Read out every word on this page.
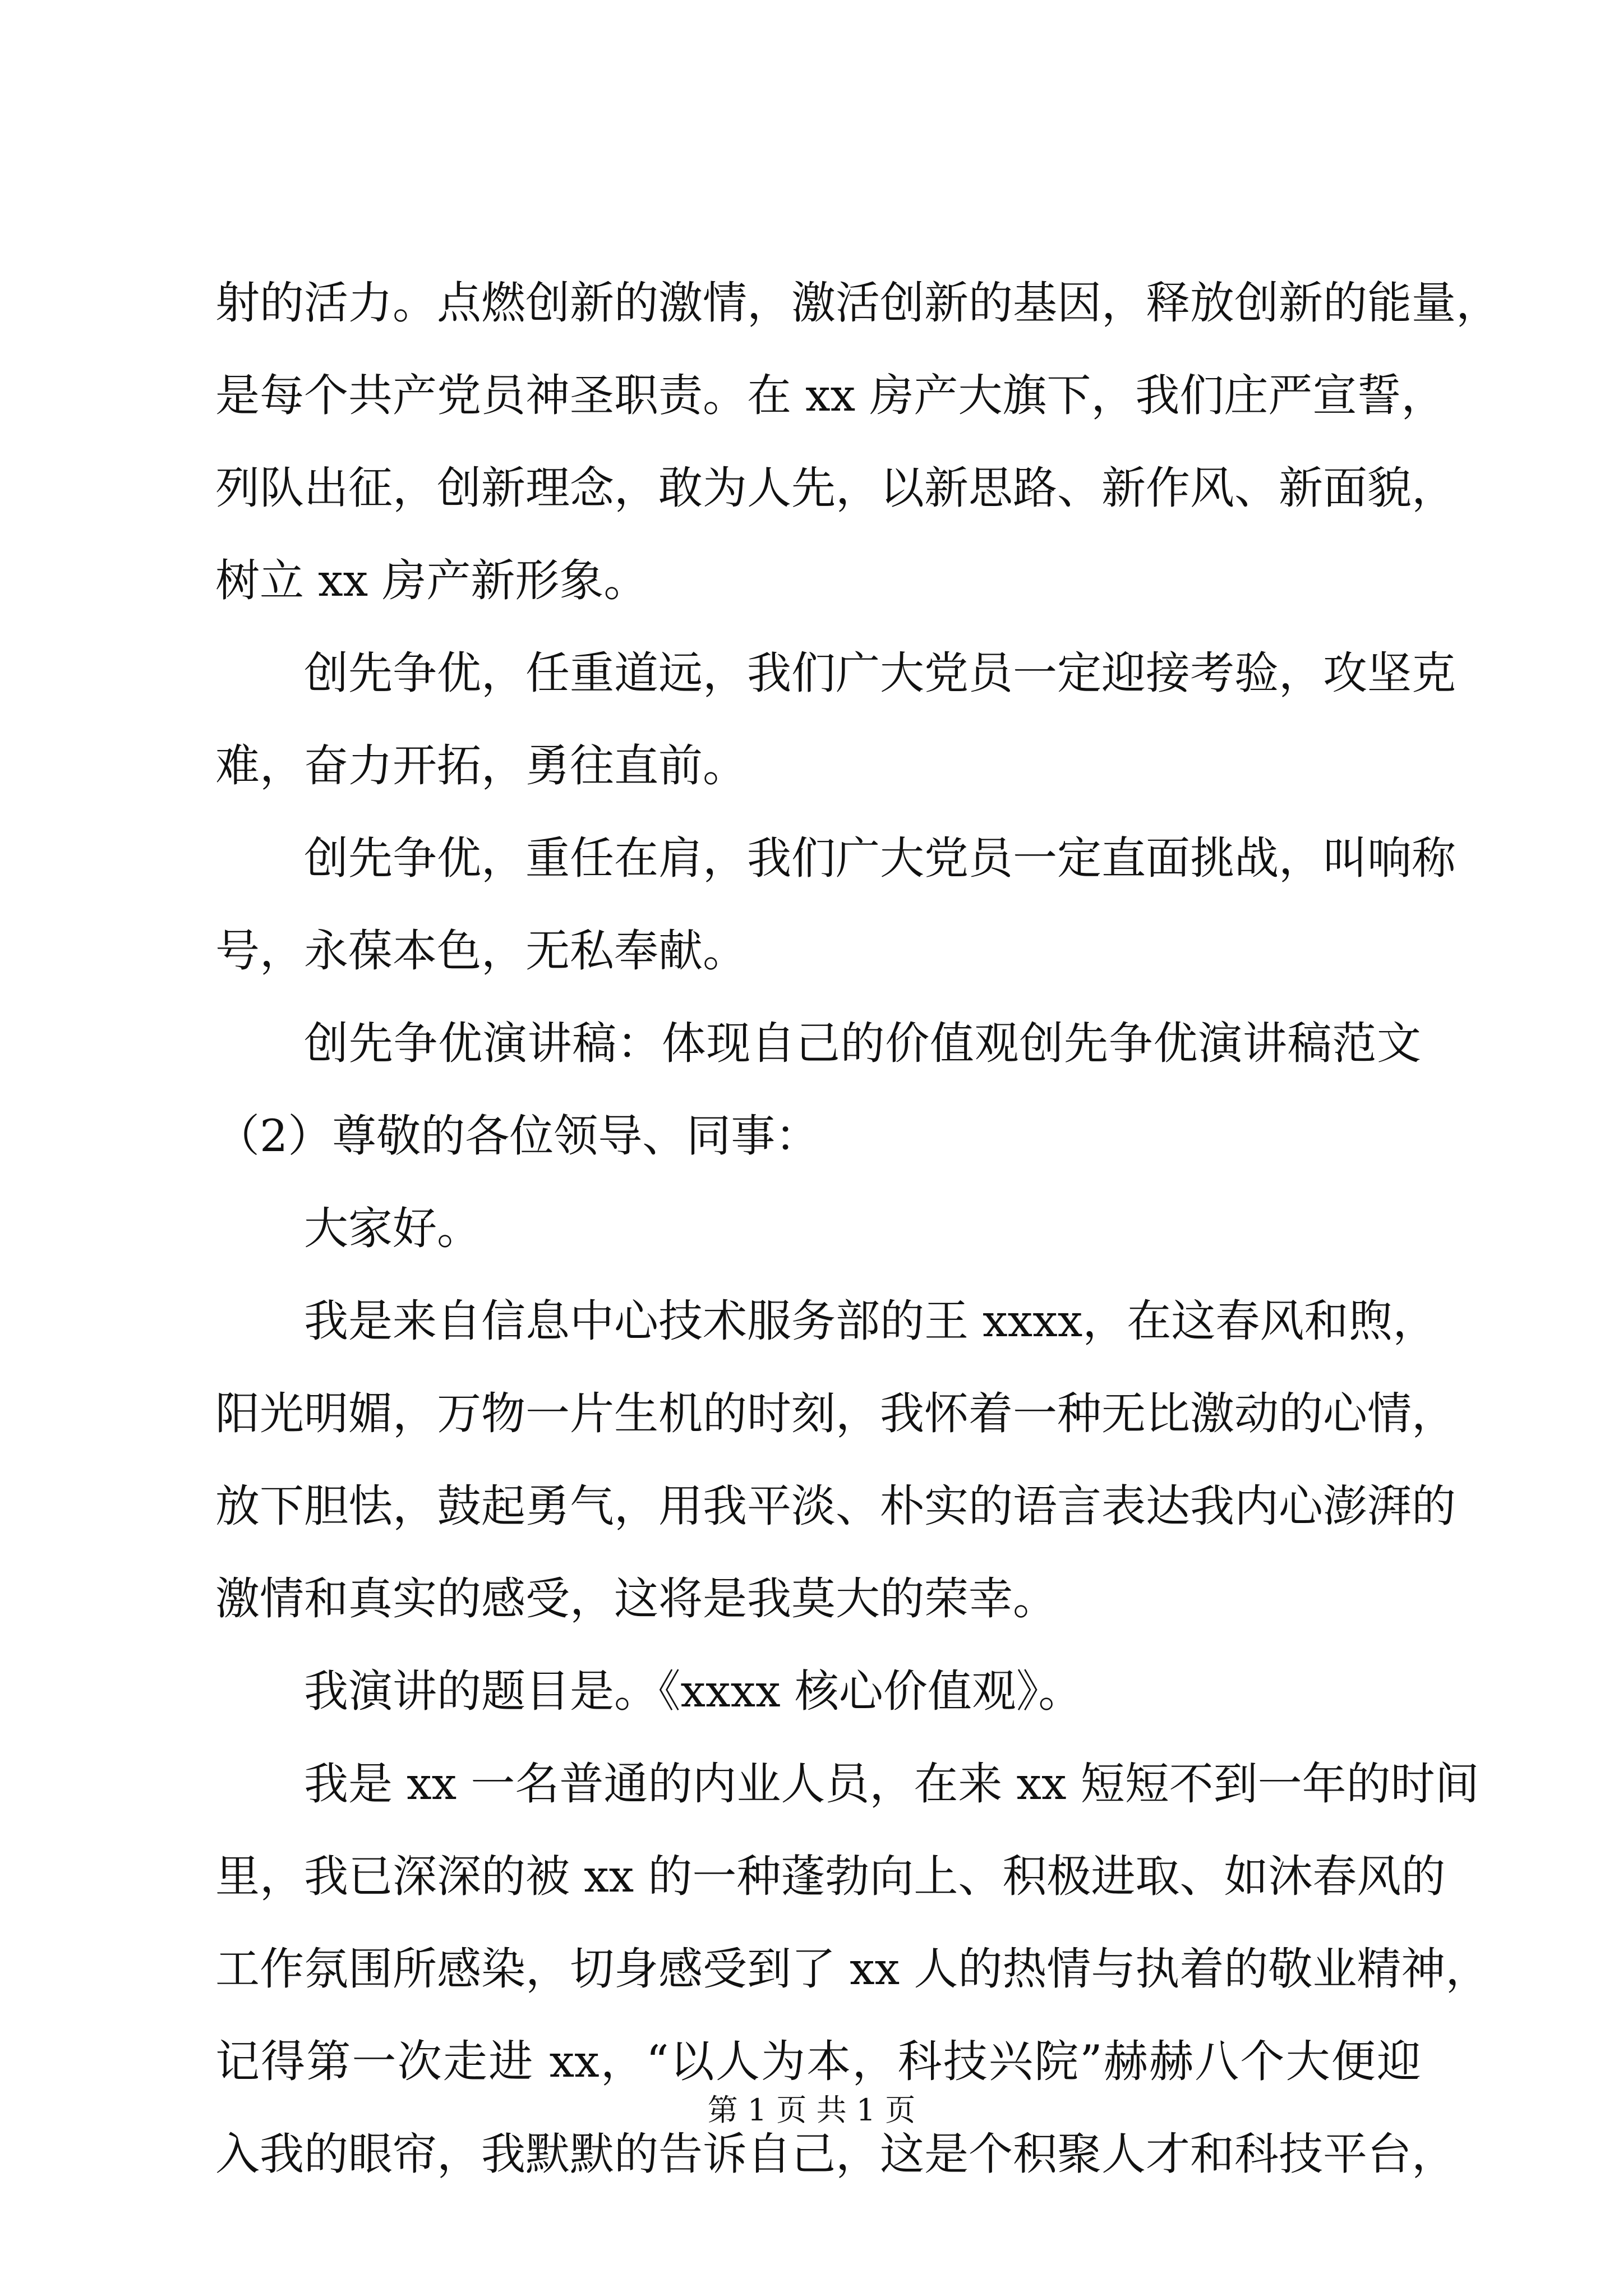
射的活力。点燃创新的激情，激活创新的基因，释放创新的能量，
是每个共产党员神圣职责。在 xx 房产大旗下，我们庄严宣誓，
列队出征，创新理念，敢为人先，以新思路、新作风、新面貌，
树立 xx 房产新形象。
创先争优，任重道远，我们广大党员一定迎接考验，攻坚克
难，奋力开拓，勇往直前。
创先争优，重任在肩，我们广大党员一定直面挑战，叫响称
号，永葆本色，无私奉献。
创先争优演讲稿：体现自己的价值观创先争优演讲稿范文
（2）尊敬的各位领导、同事：
大家好。
我是来自信息中心技术服务部的王 xxxx，在这春风和煦，
阳光明媚，万物一片生机的时刻，我怀着一种无比激动的心情，
放下胆怯，鼓起勇气，用我平淡、朴实的语言表达我内心澎湃的
激情和真实的感受，这将是我莫大的荣幸。
我演讲的题目是。《xxxx 核心价值观》。
我是 xx 一名普通的内业人员，在来 xx 短短不到一年的时间
里，我已深深的被 xx 的一种蓬勃向上、积极进取、如沐春风的
工作氛围所感染，切身感受到了 xx 人的热情与执着的敬业精神，
记得第一次走进 xx，“以人为本，科技兴院”赫赫八个大便迎
入我的眼帘，我默默的告诉自己，这是个积聚人才和科技平台，
第 1 页 共 1 页
